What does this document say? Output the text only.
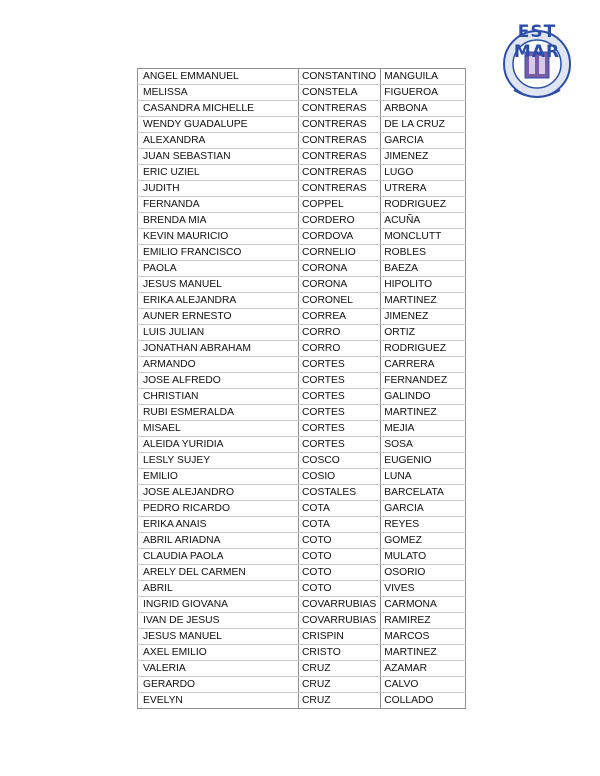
EST MAR
ANGEL EMMANUEL	CONSTANTINO	MANGUILA
MELISSA	CONSTELA	FIGUEROA
CASANDRA MICHELLE	CONTRERAS	ARBONA
WENDY GUADALUPE	CONTRERAS	DE LA CRUZ
ALEXANDRA	CONTRERAS	GARCIA
JUAN SEBASTIAN	CONTRERAS	JIMENEZ
ERIC UZIEL	CONTRERAS	LUGO
JUDITH	CONTRERAS	UTRERA
FERNANDA	COPPEL	RODRIGUEZ
BRENDA MIA	CORDERO	ACUÑA
KEVIN MAURICIO	CORDOVA	MONCLUTT
EMILIO FRANCISCO	CORNELIO	ROBLES
PAOLA	CORONA	BAEZA
JESUS MANUEL	CORONA	HIPOLITO
ERIKA ALEJANDRA	CORONEL	MARTINEZ
AUNER ERNESTO	CORREA	JIMENEZ
LUIS JULIAN	CORRO	ORTIZ
JONATHAN ABRAHAM	CORRO	RODRIGUEZ
ARMANDO	CORTES	CARRERA
JOSE ALFREDO	CORTES	FERNANDEZ
CHRISTIAN	CORTES	GALINDO
RUBI ESMERALDA	CORTES	MARTINEZ
MISAEL	CORTES	MEJIA
ALEIDA YURIDIA	CORTES	SOSA
LESLY SUJEY	COSCO	EUGENIO
EMILIO	COSIO	LUNA
JOSE ALEJANDRO	COSTALES	BARCELATA
PEDRO RICARDO	COTA	GARCIA
ERIKA ANAIS	COTA	REYES
ABRIL ARIADNA	COTO	GOMEZ
CLAUDIA PAOLA	COTO	MULATO
ARELY DEL CARMEN	COTO	OSORIO
ABRIL	COTO	VIVES
INGRID GIOVANA	COVARRUBIAS	CARMONA
IVAN DE JESUS	COVARRUBIAS	RAMIREZ
JESUS MANUEL	CRISPIN	MARCOS
AXEL EMILIO	CRISTO	MARTINEZ
VALERIA	CRUZ	AZAMAR
GERARDO	CRUZ	CALVO
EVELYN	CRUZ	COLLADO
